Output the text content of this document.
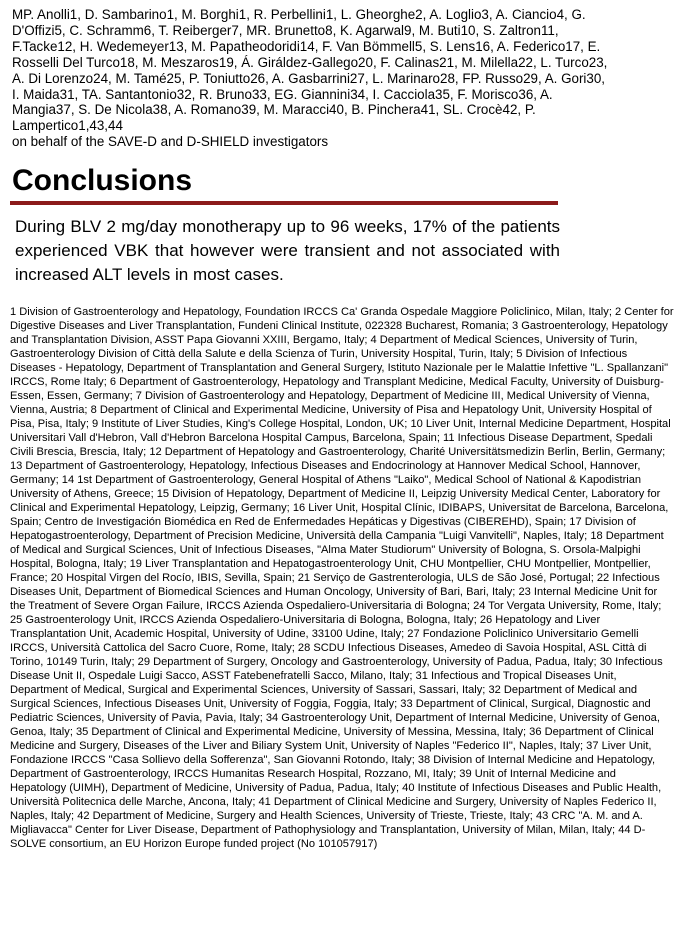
MP. Anolli1, D. Sambarino1, M. Borghi1, R. Perbellini1, L. Gheorghe2, A. Loglio3, A. Ciancio4, G.
D'Offizi5, C. Schramm6, T. Reiberger7, MR. Brunetto8, K. Agarwal9, M. Buti10, S. Zaltron11,
F.Tacke12, H. Wedemeyer13, M. Papatheodoridi14, F. Van Bömmell5, S. Lens16, A. Federico17, E.
Rosselli Del Turco18, M. Meszaros19, Á. Giráldez-Gallego20, F. Calinas21, M. Milella22, L. Turco23,
A. Di Lorenzo24, M. Tamé25, P. Toniutto26, A. Gasbarrini27, L. Marinaro28, FP. Russo29, A. Gori30,
I. Maida31, TA. Santantonio32, R. Bruno33, EG. Giannini34, I. Cacciola35, F. Morisco36, A.
Mangia37, S. De Nicola38, A. Romano39, M. Maracci40, B. Pinchera41, SL. Crocè42, P.
Lampertico1,43,44
on behalf of the SAVE-D and D-SHIELD investigators
Conclusions

During BLV 2 mg/day monotherapy up to 96 weeks, 17% of the patients experienced VBK that however were transient and not associated with increased ALT levels in most cases.

1 Division of Gastroenterology and Hepatology, Foundation IRCCS Ca' Granda Ospedale Maggiore Policlinico, Milan, Italy; 2 Center for Digestive Diseases and Liver Transplantation, Fundeni Clinical Institute, 022328 Bucharest, Romania; 3 Gastroenterology, Hepatology and Transplantation Division, ASST Papa Giovanni XXIII, Bergamo, Italy; 4 Department of Medical Sciences, University of Turin, Gastroenterology Division of Città della Salute e della Scienza of Turin, University Hospital, Turin, Italy; 5 Division of Infectious Diseases - Hepatology, Department of Transplantation and General Surgery, Istituto Nazionale per le Malattie Infettive "L. Spallanzani" IRCCS, Rome Italy; 6 Department of Gastroenterology, Hepatology and Transplant Medicine, Medical Faculty, University of Duisburg-Essen, Essen, Germany; 7 Division of Gastroenterology and Hepatology, Department of Medicine III, Medical University of Vienna, Vienna, Austria; 8 Department of Clinical and Experimental Medicine, University of Pisa and Hepatology Unit, University Hospital of Pisa, Pisa, Italy; 9 Institute of Liver Studies, King's College Hospital, London, UK; 10 Liver Unit, Internal Medicine Department, Hospital Universitari Vall d'Hebron, Vall d'Hebron Barcelona Hospital Campus, Barcelona, Spain; 11 Infectious Disease Department, Spedali Civili Brescia, Brescia, Italy; 12 Department of Hepatology and Gastroenterology, Charité Universitätsmedizin Berlin, Berlin, Germany; 13 Department of Gastroenterology, Hepatology, Infectious Diseases and Endocrinology at Hannover Medical School, Hannover, Germany; 14 1st Department of Gastroenterology, General Hospital of Athens "Laiko", Medical School of National & Kapodistrian University of Athens, Greece; 15 Division of Hepatology, Department of Medicine II, Leipzig University Medical Center, Laboratory for Clinical and Experimental Hepatology, Leipzig, Germany; 16 Liver Unit, Hospital Clínic, IDIBAPS, Universitat de Barcelona, Barcelona, Spain; Centro de Investigación Biomédica en Red de Enfermedades Hepáticas y Digestivas (CIBEREHD), Spain; 17 Division of Hepatogastroenterology, Department of Precision Medicine, Università della Campania "Luigi Vanvitelli", Naples, Italy; 18 Department of Medical and Surgical Sciences, Unit of Infectious Diseases, "Alma Mater Studiorum" University of Bologna, S. Orsola-Malpighi Hospital, Bologna, Italy; 19 Liver Transplantation and Hepatogastroenterology Unit, CHU Montpellier, CHU Montpellier, Montpellier, France; 20 Hospital Virgen del Rocío, IBIS, Sevilla, Spain; 21 Serviço de Gastrenterologia, ULS de São José, Portugal; 22 Infectious Diseases Unit, Department of Biomedical Sciences and Human Oncology, University of Bari, Bari, Italy; 23 Internal Medicine Unit for the Treatment of Severe Organ Failure, IRCCS Azienda Ospedaliero-Universitaria di Bologna; 24 Tor Vergata University, Rome, Italy; 25 Gastroenterology Unit, IRCCS Azienda Ospedaliero-Universitaria di Bologna, Bologna, Italy; 26 Hepatology and Liver Transplantation Unit, Academic Hospital, University of Udine, 33100 Udine, Italy; 27 Fondazione Policlinico Universitario Gemelli IRCCS, Università Cattolica del Sacro Cuore, Rome, Italy; 28 SCDU Infectious Diseases, Amedeo di Savoia Hospital, ASL Città di Torino, 10149 Turin, Italy; 29 Department of Surgery, Oncology and Gastroenterology, University of Padua, Padua, Italy; 30 Infectious Disease Unit II, Ospedale Luigi Sacco, ASST Fatebenefratelli Sacco, Milano, Italy; 31 Infectious and Tropical Diseases Unit, Department of Medical, Surgical and Experimental Sciences, University of Sassari, Sassari, Italy; 32 Department of Medical and Surgical Sciences, Infectious Diseases Unit, University of Foggia, Foggia, Italy; 33 Department of Clinical, Surgical, Diagnostic and Pediatric Sciences, University of Pavia, Pavia, Italy; 34 Gastroenterology Unit, Department of Internal Medicine, University of Genoa, Genoa, Italy; 35 Department of Clinical and Experimental Medicine, University of Messina, Messina, Italy; 36 Department of Clinical Medicine and Surgery, Diseases of the Liver and Biliary System Unit, University of Naples "Federico II", Naples, Italy; 37 Liver Unit, Fondazione IRCCS "Casa Sollievo della Sofferenza", San Giovanni Rotondo, Italy; 38 Division of Internal Medicine and Hepatology, Department of Gastroenterology, IRCCS Humanitas Research Hospital, Rozzano, MI, Italy; 39 Unit of Internal Medicine and Hepatology (UIMH), Department of Medicine, University of Padua, Padua, Italy; 40 Institute of Infectious Diseases and Public Health, Università Politecnica delle Marche, Ancona, Italy; 41 Department of Clinical Medicine and Surgery, University of Naples Federico II, Naples, Italy; 42 Department of Medicine, Surgery and Health Sciences, University of Trieste, Trieste, Italy; 43 CRC "A. M. and A. Migliavacca" Center for Liver Disease, Department of Pathophysiology and Transplantation, University of Milan, Milan, Italy; 44 D-SOLVE consortium, an EU Horizon Europe funded project (No 101057917)
